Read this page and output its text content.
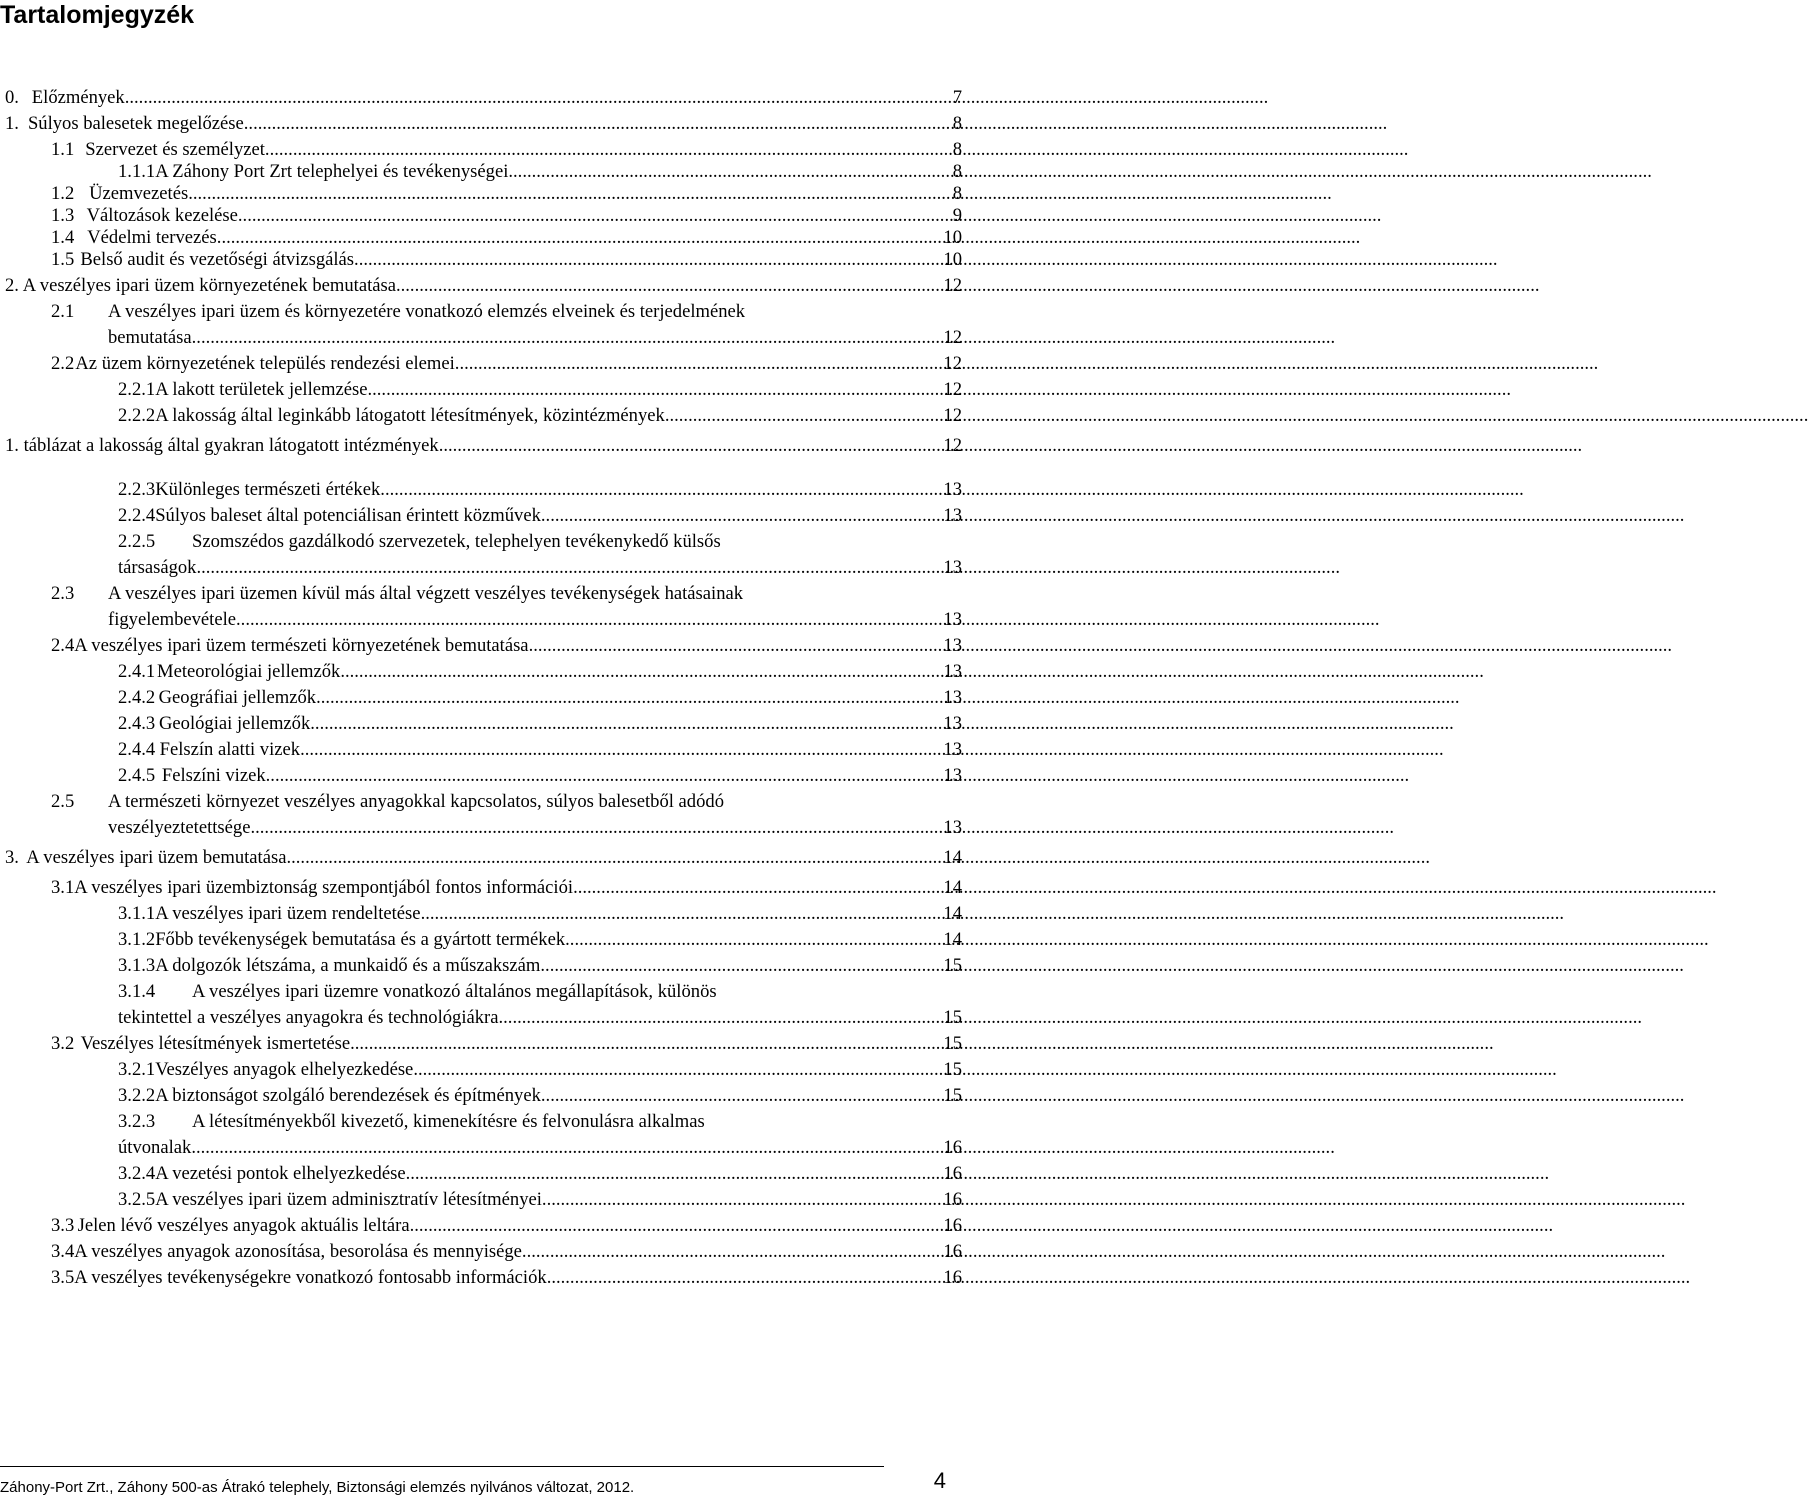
Tartalomjegyzék
0. Előzmények .....	7
1. Súlyos balesetek megelőzése .....	8
1.1 Szervezet és személyzet .....	8
1.1.1 A Záhony Port Zrt telephelyei és tevékenységei .....	8
1.2 Üzemvezetés .....	8
1.3 Változások kezelése .....	9
1.4 Védelmi tervezés .....	10
1.5 Belső audit és vezetőségi átvizsgálás .....	10
2. A veszélyes ipari üzem környezetének bemutatása .....	12
2.1	A veszélyes ipari üzem és környezetére vonatkozó elemzés elveinek és terjedelmének
bemutatása .....	12
2.2 Az üzem környezetének település rendezési elemei .....	12
2.2.1 A lakott területek jellemzése .....	12
2.2.2 A lakosság által leginkább látogatott létesítmények, közintézmények .....	12
1. táblázat a lakosság által gyakran látogatott intézmények .....	12
2.2.3 Különleges természeti értékek .....	13
2.2.4 Súlyos baleset által potenciálisan érintett közművek .....	13
2.2.5	Szomszédos gazdálkodó szervezetek, telephelyen tevékenykedő külsős
társaságok .....	13
2.3	A veszélyes ipari üzemen kívül más által végzett veszélyes tevékenységek hatásainak
figyelembevétele .....	13
2.4 A veszélyes ipari üzem természeti környezetének bemutatása .....	13
2.4.1 Meteorológiai jellemzők .....	13
2.4.2 Geográfiai jellemzők .....	13
2.4.3 Geológiai jellemzők .....	13
2.4.4 Felszín alatti vizek .....	13
2.4.5 Felszíni vizek .....	13
2.5	A természeti környezet veszélyes anyagokkal kapcsolatos, súlyos balesetből adódó
veszélyeztetettsége .....	13
3. A veszélyes ipari üzem bemutatása .....	14
3.1 A veszélyes ipari üzembiztonság szempontjából fontos információi .....	14
3.1.1 A veszélyes ipari üzem rendeltetése .....	14
3.1.2 Főbb tevékenységek bemutatása és a gyártott termékek .....	14
3.1.3 A dolgozók létszáma, a munkaidő és a műszakszám .....	15
3.1.4	A veszélyes ipari üzemre vonatkozó általános megállapítások, különös
tekintettel a veszélyes anyagokra és technológiákra .....	15
3.2 Veszélyes létesítmények ismertetése .....	15
3.2.1 Veszélyes anyagok elhelyezkedése .....	15
3.2.2 A biztonságot szolgáló berendezések és építmények .....	15
3.2.3	A létesítményekből kivezető, kimenekítésre és felvonulásra alkalmas
útvonalak .....	16
3.2.4 A vezetési pontok elhelyezkedése .....	16
3.2.5 A veszélyes ipari üzem adminisztratív létesítményei .....	16
3.3 Jelen lévő veszélyes anyagok aktuális leltára .....	16
3.4 A veszélyes anyagok azonosítása, besorolása és mennyisége .....	16
3.5 A veszélyes tevékenységekre vonatkozó fontosabb információk .....	16
Záhony-Port Zrt., Záhony 500-as Átrakó telephely, Biztonsági elemzés nyilvános változat, 2012.	4
